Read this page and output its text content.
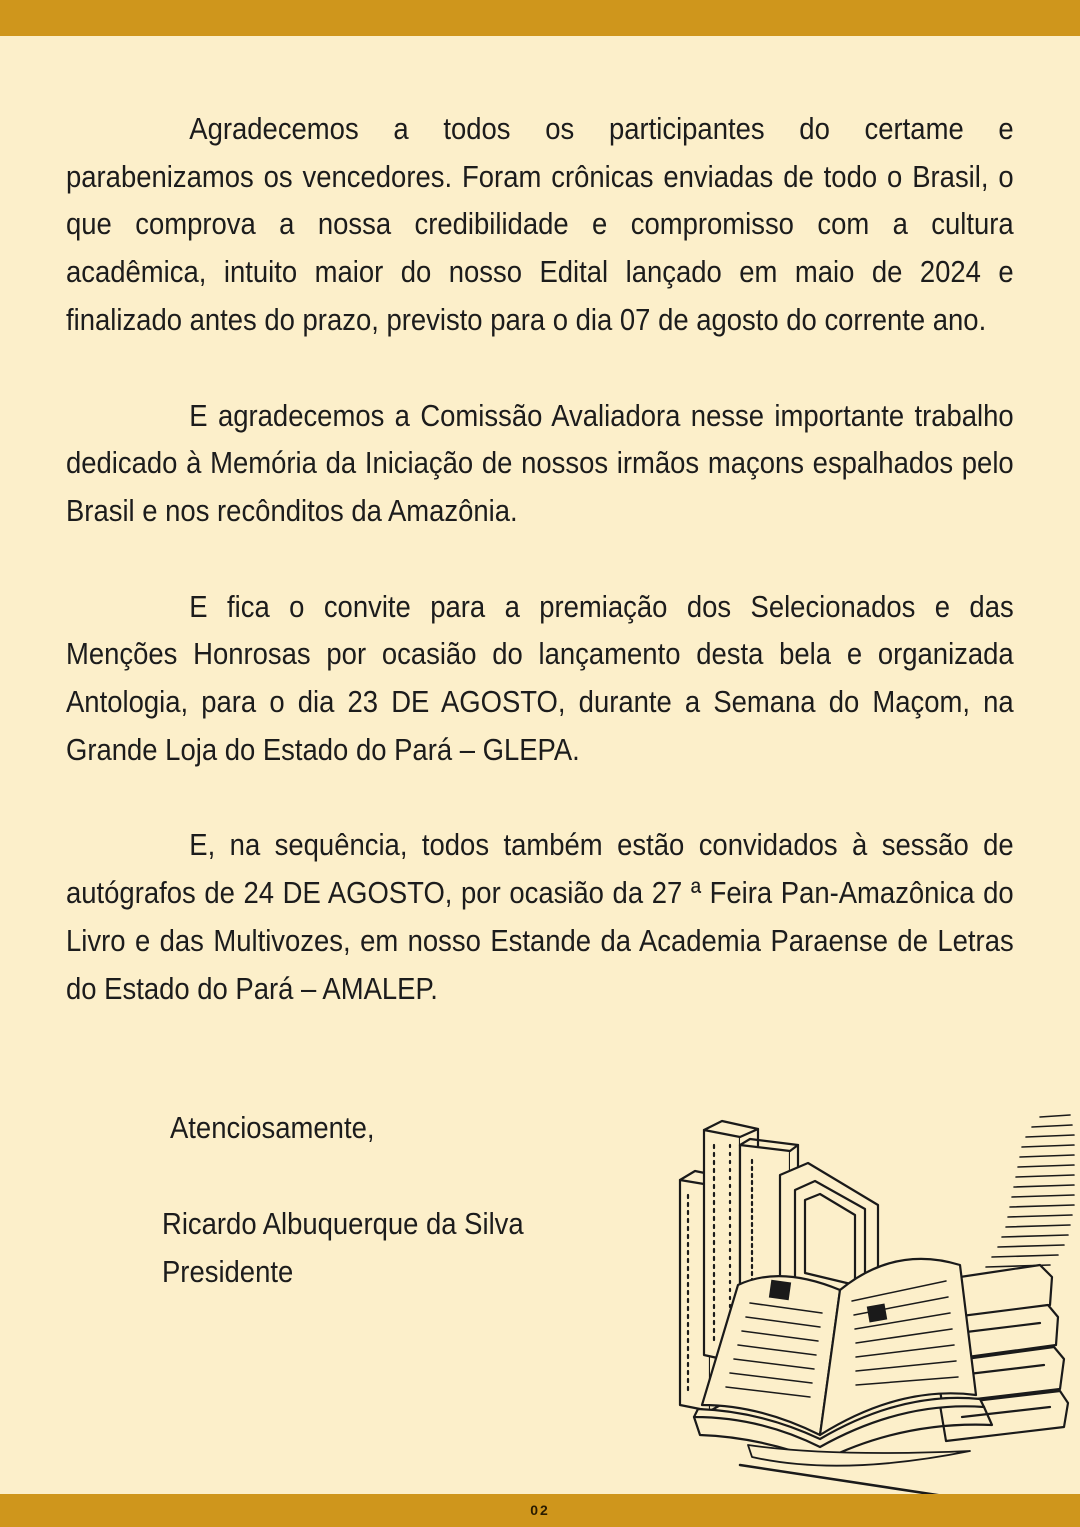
Agradecemos a todos os participantes do certame e parabenizamos os vencedores. Foram crônicas enviadas de todo o Brasil, o que comprova a nossa credibilidade e compromisso com a cultura acadêmica, intuito maior do nosso Edital lançado em maio de 2024 e finalizado antes do prazo, previsto para o dia 07 de agosto do corrente ano.

E agradecemos a Comissão Avaliadora nesse importante trabalho dedicado à Memória da Iniciação de nossos irmãos maçons espalhados pelo Brasil e nos recônditos da Amazônia.

E fica o convite para a premiação dos Selecionados e das Menções Honrosas por ocasião do lançamento desta bela e organizada Antologia, para o dia 23 DE AGOSTO, durante a Semana do Maçom, na Grande Loja do Estado do Pará – GLEPA.

E, na sequência, todos também estão convidados à sessão de autógrafos de 24 DE AGOSTO, por ocasião da 27 ª Feira Pan-Amazônica do Livro e das Multivozes, em nosso Estande da Academia Paraense de Letras do Estado do Pará – AMALEP.

Atenciosamente,
Ricardo Albuquerque da Silva
Presidente
02
